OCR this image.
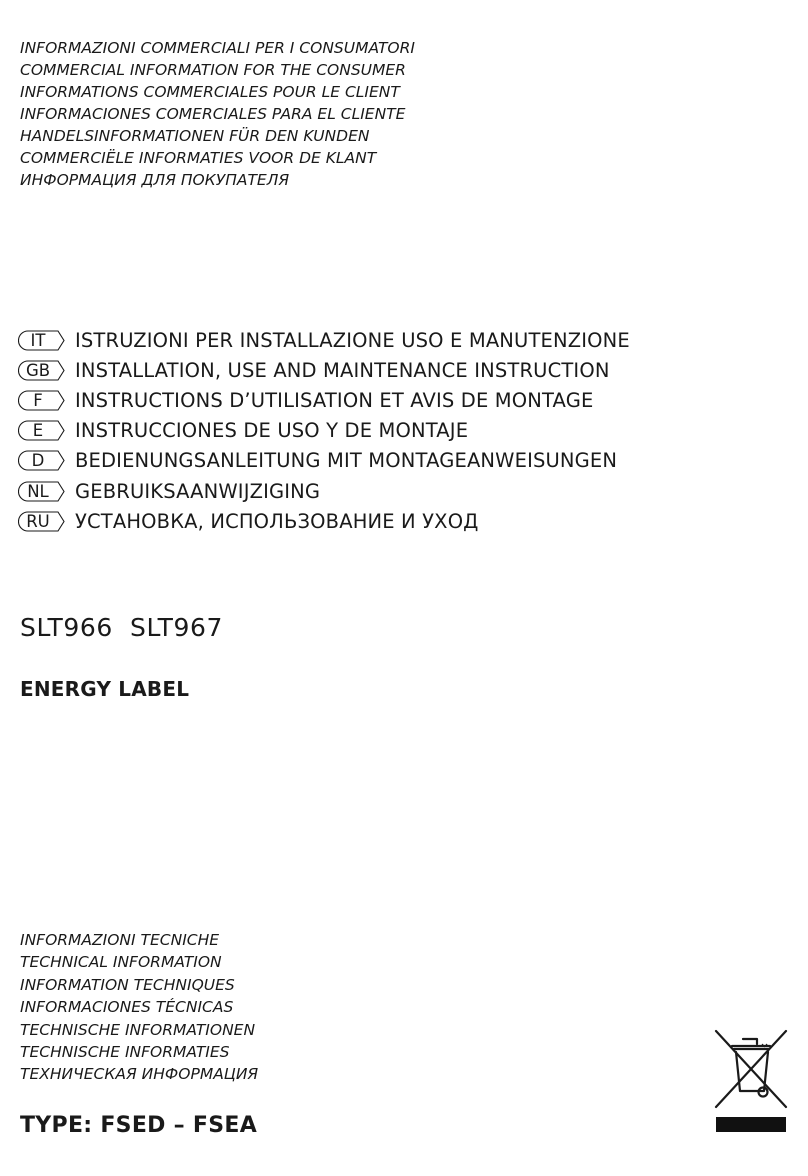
INFORMAZIONI COMMERCIALI PER I CONSUMATORI
COMMERCIAL INFORMATION FOR THE CONSUMER
INFORMATIONS COMMERCIALES POUR LE CLIENT
INFORMACIONES COMERCIALES PARA EL CLIENTE
HANDELSINFORMATIONEN FÜR DEN KUNDEN
COMMERCIËLE INFORMATIES VOOR DE KLANT
ИНФОРМАЦИЯ ДЛЯ ПОКУПАТЕЛЯ
IT	ISTRUZIONI PER INSTALLAZIONE USO E MANUTENZIONE
GB	INSTALLATION, USE AND MAINTENANCE INSTRUCTION
F	INSTRUCTIONS D’UTILISATION ET AVIS DE MONTAGE
E	INSTRUCCIONES DE USO Y DE MONTAJE
D	BEDIENUNGSANLEITUNG MIT MONTAGEANWEISUNGEN
NL	GEBRUIKSAANWIJZIGING
RU	УСТАНОВКА, ИСПОЛЬЗОВАНИЕ И УХОД
SLT966  SLT967
ENERGY LABEL
INFORMAZIONI TECNICHE
TECHNICAL INFORMATION
INFORMATION TECHNIQUES
INFORMACIONES TÉCNICAS
TECHNISCHE INFORMATIONEN
TECHNISCHE INFORMATIES
ТЕХНИЧЕСКАЯ ИНФОРМАЦИЯ
TYPE: FSED – FSEA
